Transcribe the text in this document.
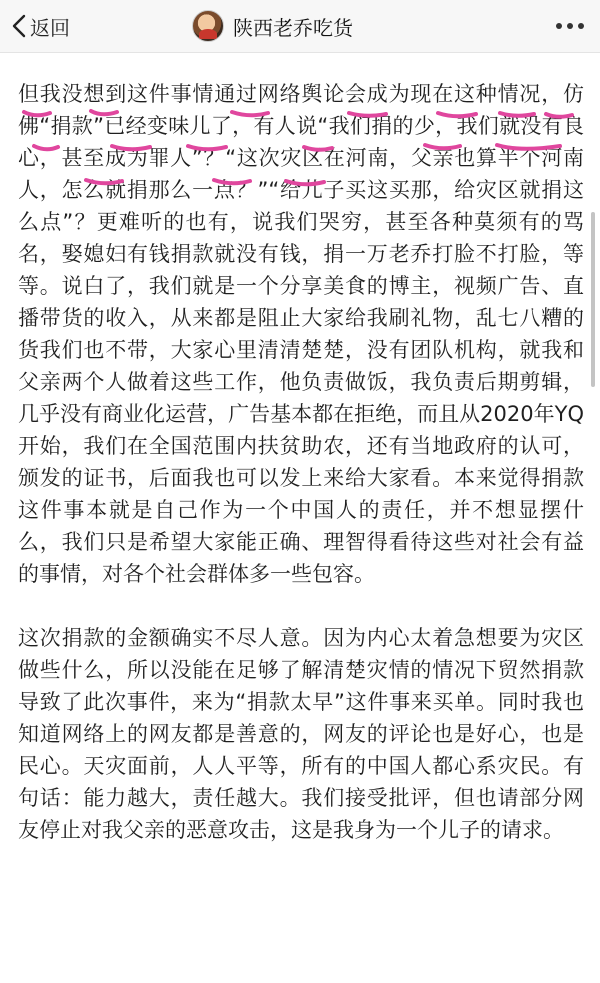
返回	陕西老乔吃货

但我没想到这件事情通过网络舆论会成为现在这种情况，仿佛“捐款”已经变味儿了，有人说“我们捐的少，我们就没有良心，甚至成为罪人”？“这次灾区在河南，父亲也算半个河南人，怎么就捐那么一点？”“给儿子买这买那，给灾区就捐这么点”？更难听的也有，说我们哭穷，甚至各种莫须有的骂名，娶媳妇有钱捐款就没有钱，捐一万老乔打脸不打脸，等等。说白了，我们就是一个分享美食的博主，视频广告、直播带货的收入，从来都是阻止大家给我刷礼物，乱七八糟的货我们也不带，大家心里清清楚楚，没有团队机构，就我和父亲两个人做着这些工作，他负责做饭，我负责后期剪辑，几乎没有商业化运营，广告基本都在拒绝，而且从2020年YQ开始，我们在全国范围内扶贫助农，还有当地政府的认可，颁发的证书，后面我也可以发上来给大家看。本来觉得捐款这件事本就是自己作为一个中国人的责任，并不想显摆什么，我们只是希望大家能正确、理智得看待这些对社会有益的事情，对各个社会群体多一些包容。

这次捐款的金额确实不尽人意。因为内心太着急想要为灾区做些什么，所以没能在足够了解清楚灾情的情况下贸然捐款导致了此次事件，来为“捐款太早”这件事来买单。同时我也知道网络上的网友都是善意的，网友的评论也是好心，也是民心。天灾面前，人人平等，所有的中国人都心系灾民。有句话：能力越大，责任越大。我们接受批评，但也请部分网友停止对我父亲的恶意攻击，这是我身为一个儿子的请求。
